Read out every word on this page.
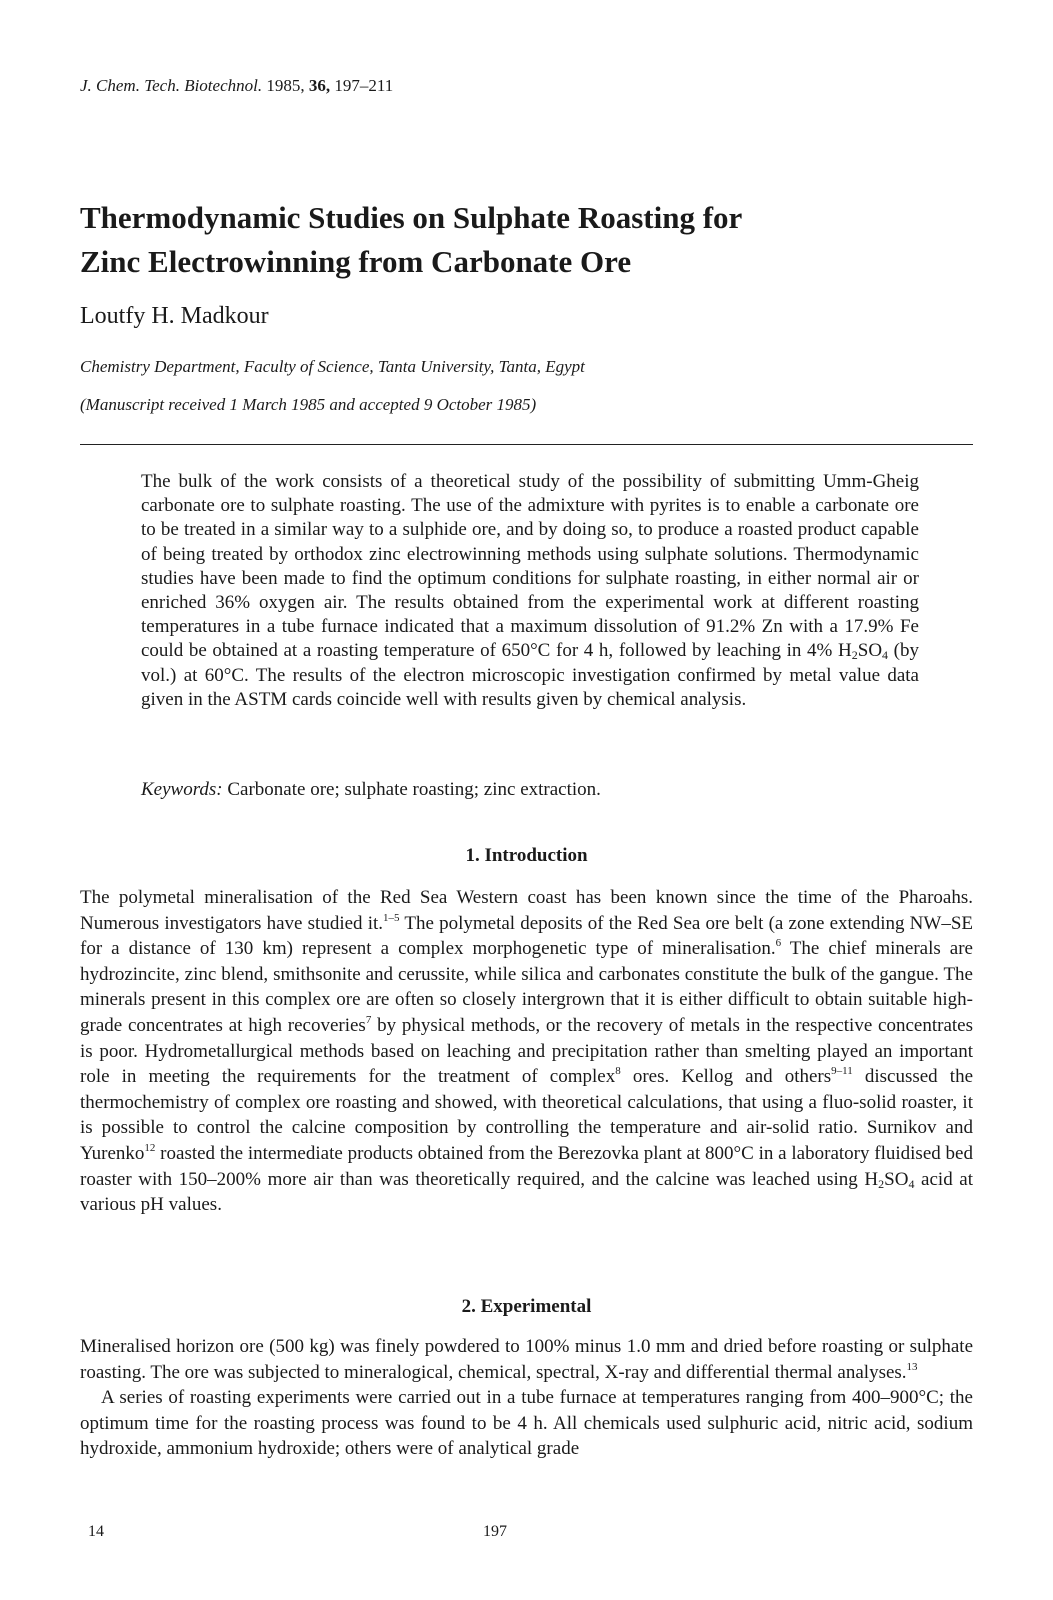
J. Chem. Tech. Biotechnol. 1985, 36, 197–211
Thermodynamic Studies on Sulphate Roasting for
Zinc Electrowinning from Carbonate Ore
Loutfy H. Madkour
Chemistry Department, Faculty of Science, Tanta University, Tanta, Egypt
(Manuscript received 1 March 1985 and accepted 9 October 1985)
The bulk of the work consists of a theoretical study of the possibility of submitting Umm-Gheig carbonate ore to sulphate roasting. The use of the admixture with pyrites is to enable a carbonate ore to be treated in a similar way to a sulphide ore, and by doing so, to produce a roasted product capable of being treated by orthodox zinc electrowinning methods using sulphate solutions. Thermodynamic studies have been made to find the optimum conditions for sulphate roasting, in either normal air or enriched 36% oxygen air. The results obtained from the experimental work at different roasting temperatures in a tube furnace indicated that a maximum dissolution of 91.2% Zn with a 17.9% Fe could be obtained at a roasting temperature of 650°C for 4 h, followed by leaching in 4% $H_2SO_4$ (by vol.) at 60°C. The results of the electron microscopic investigation confirmed by metal value data given in the ASTM cards coincide well with results given by chemical analysis.
Keywords: Carbonate ore; sulphate roasting; zinc extraction.
1. Introduction
The polymetal mineralisation of the Red Sea Western coast has been known since the time of the Pharoahs. Numerous investigators have studied it.$^{1-5}$ The polymetal deposits of the Red Sea ore belt (a zone extending NW–SE for a distance of 130 km) represent a complex morphogenetic type of mineralisation.$^6$ The chief minerals are hydrozincite, zinc blend, smithsonite and cerussite, while silica and carbonates constitute the bulk of the gangue. The minerals present in this complex ore are often so closely intergrown that it is either difficult to obtain suitable high-grade concentrates at high recoveries$^7$ by physical methods, or the recovery of metals in the respective concentrates is poor. Hydrometallurgical methods based on leaching and precipitation rather than smelting played an important role in meeting the requirements for the treatment of complex$^8$ ores. Kellog and others$^{9-11}$ discussed the thermochemistry of complex ore roasting and showed, with theoretical calculations, that using a fluo-solid roaster, it is possible to control the calcine composition by controlling the temperature and air-solid ratio. Surnikov and Yurenko$^{12}$ roasted the intermediate products obtained from the Berezovka plant at 800°C in a laboratory fluidised bed roaster with 150–200% more air than was theoretically required, and the calcine was leached using $H_2SO_4$ acid at various pH values.
2. Experimental

Mineralised horizon ore (500 kg) was finely powdered to 100% minus 1.0 mm and dried before roasting or sulphate roasting. The ore was subjected to mineralogical, chemical, spectral, X-ray and differential thermal analyses.$^{13}$

A series of roasting experiments were carried out in a tube furnace at temperatures ranging from 400–900°C; the optimum time for the roasting process was found to be 4 h. All chemicals used sulphuric acid, nitric acid, sodium hydroxide, ammonium hydroxide; others were of analytical grade

14	197
